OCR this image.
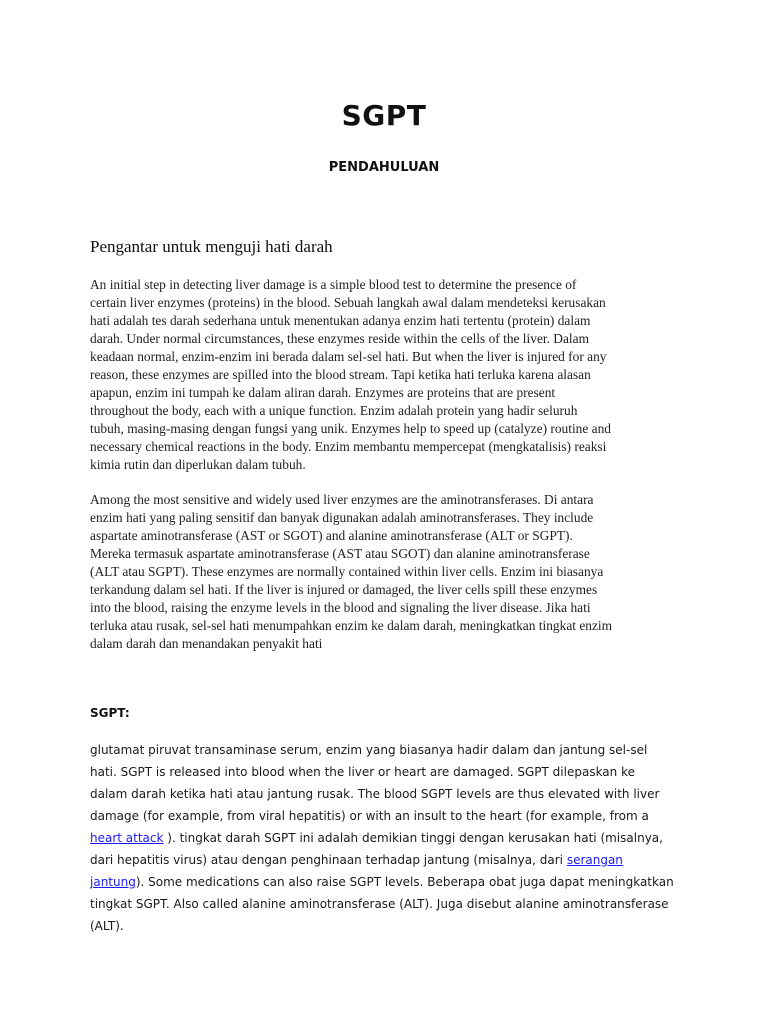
SGPT
PENDAHULUAN
Pengantar untuk menguji hati darah
An initial step in detecting liver damage is a simple blood test to determine the presence of
certain liver enzymes (proteins) in the blood. Sebuah langkah awal dalam mendeteksi kerusakan
hati adalah tes darah sederhana untuk menentukan adanya enzim hati tertentu (protein) dalam
darah. Under normal circumstances, these enzymes reside within the cells of the liver. Dalam
keadaan normal, enzim-enzim ini berada dalam sel-sel hati. But when the liver is injured for any
reason, these enzymes are spilled into the blood stream. Tapi ketika hati terluka karena alasan
apapun, enzim ini tumpah ke dalam aliran darah. Enzymes are proteins that are present
throughout the body, each with a unique function. Enzim adalah protein yang hadir seluruh
tubuh, masing-masing dengan fungsi yang unik. Enzymes help to speed up (catalyze) routine and
necessary chemical reactions in the body. Enzim membantu mempercepat (mengkatalisis) reaksi
kimia rutin dan diperlukan dalam tubuh.
Among the most sensitive and widely used liver enzymes are the aminotransferases. Di antara
enzim hati yang paling sensitif dan banyak digunakan adalah aminotransferases. They include
aspartate aminotransferase (AST or SGOT) and alanine aminotransferase (ALT or SGPT).
Mereka termasuk aspartate aminotransferase (AST atau SGOT) dan alanine aminotransferase
(ALT atau SGPT). These enzymes are normally contained within liver cells. Enzim ini biasanya
terkandung dalam sel hati. If the liver is injured or damaged, the liver cells spill these enzymes
into the blood, raising the enzyme levels in the blood and signaling the liver disease. Jika hati
terluka atau rusak, sel-sel hati menumpahkan enzim ke dalam darah, meningkatkan tingkat enzim
dalam darah dan menandakan penyakit hati
SGPT:
glutamat piruvat transaminase serum, enzim yang biasanya hadir dalam dan jantung sel-sel
hati. SGPT is released into blood when the liver or heart are damaged. SGPT dilepaskan ke
dalam darah ketika hati atau jantung rusak. The blood SGPT levels are thus elevated with liver
damage (for example, from viral hepatitis) or with an insult to the heart (for example, from a
heart attack ). tingkat darah SGPT ini adalah demikian tinggi dengan kerusakan hati (misalnya,
dari hepatitis virus) atau dengan penghinaan terhadap jantung (misalnya, dari serangan
jantung). Some medications can also raise SGPT levels. Beberapa obat juga dapat meningkatkan
tingkat SGPT. Also called alanine aminotransferase (ALT). Juga disebut alanine aminotransferase
(ALT).
